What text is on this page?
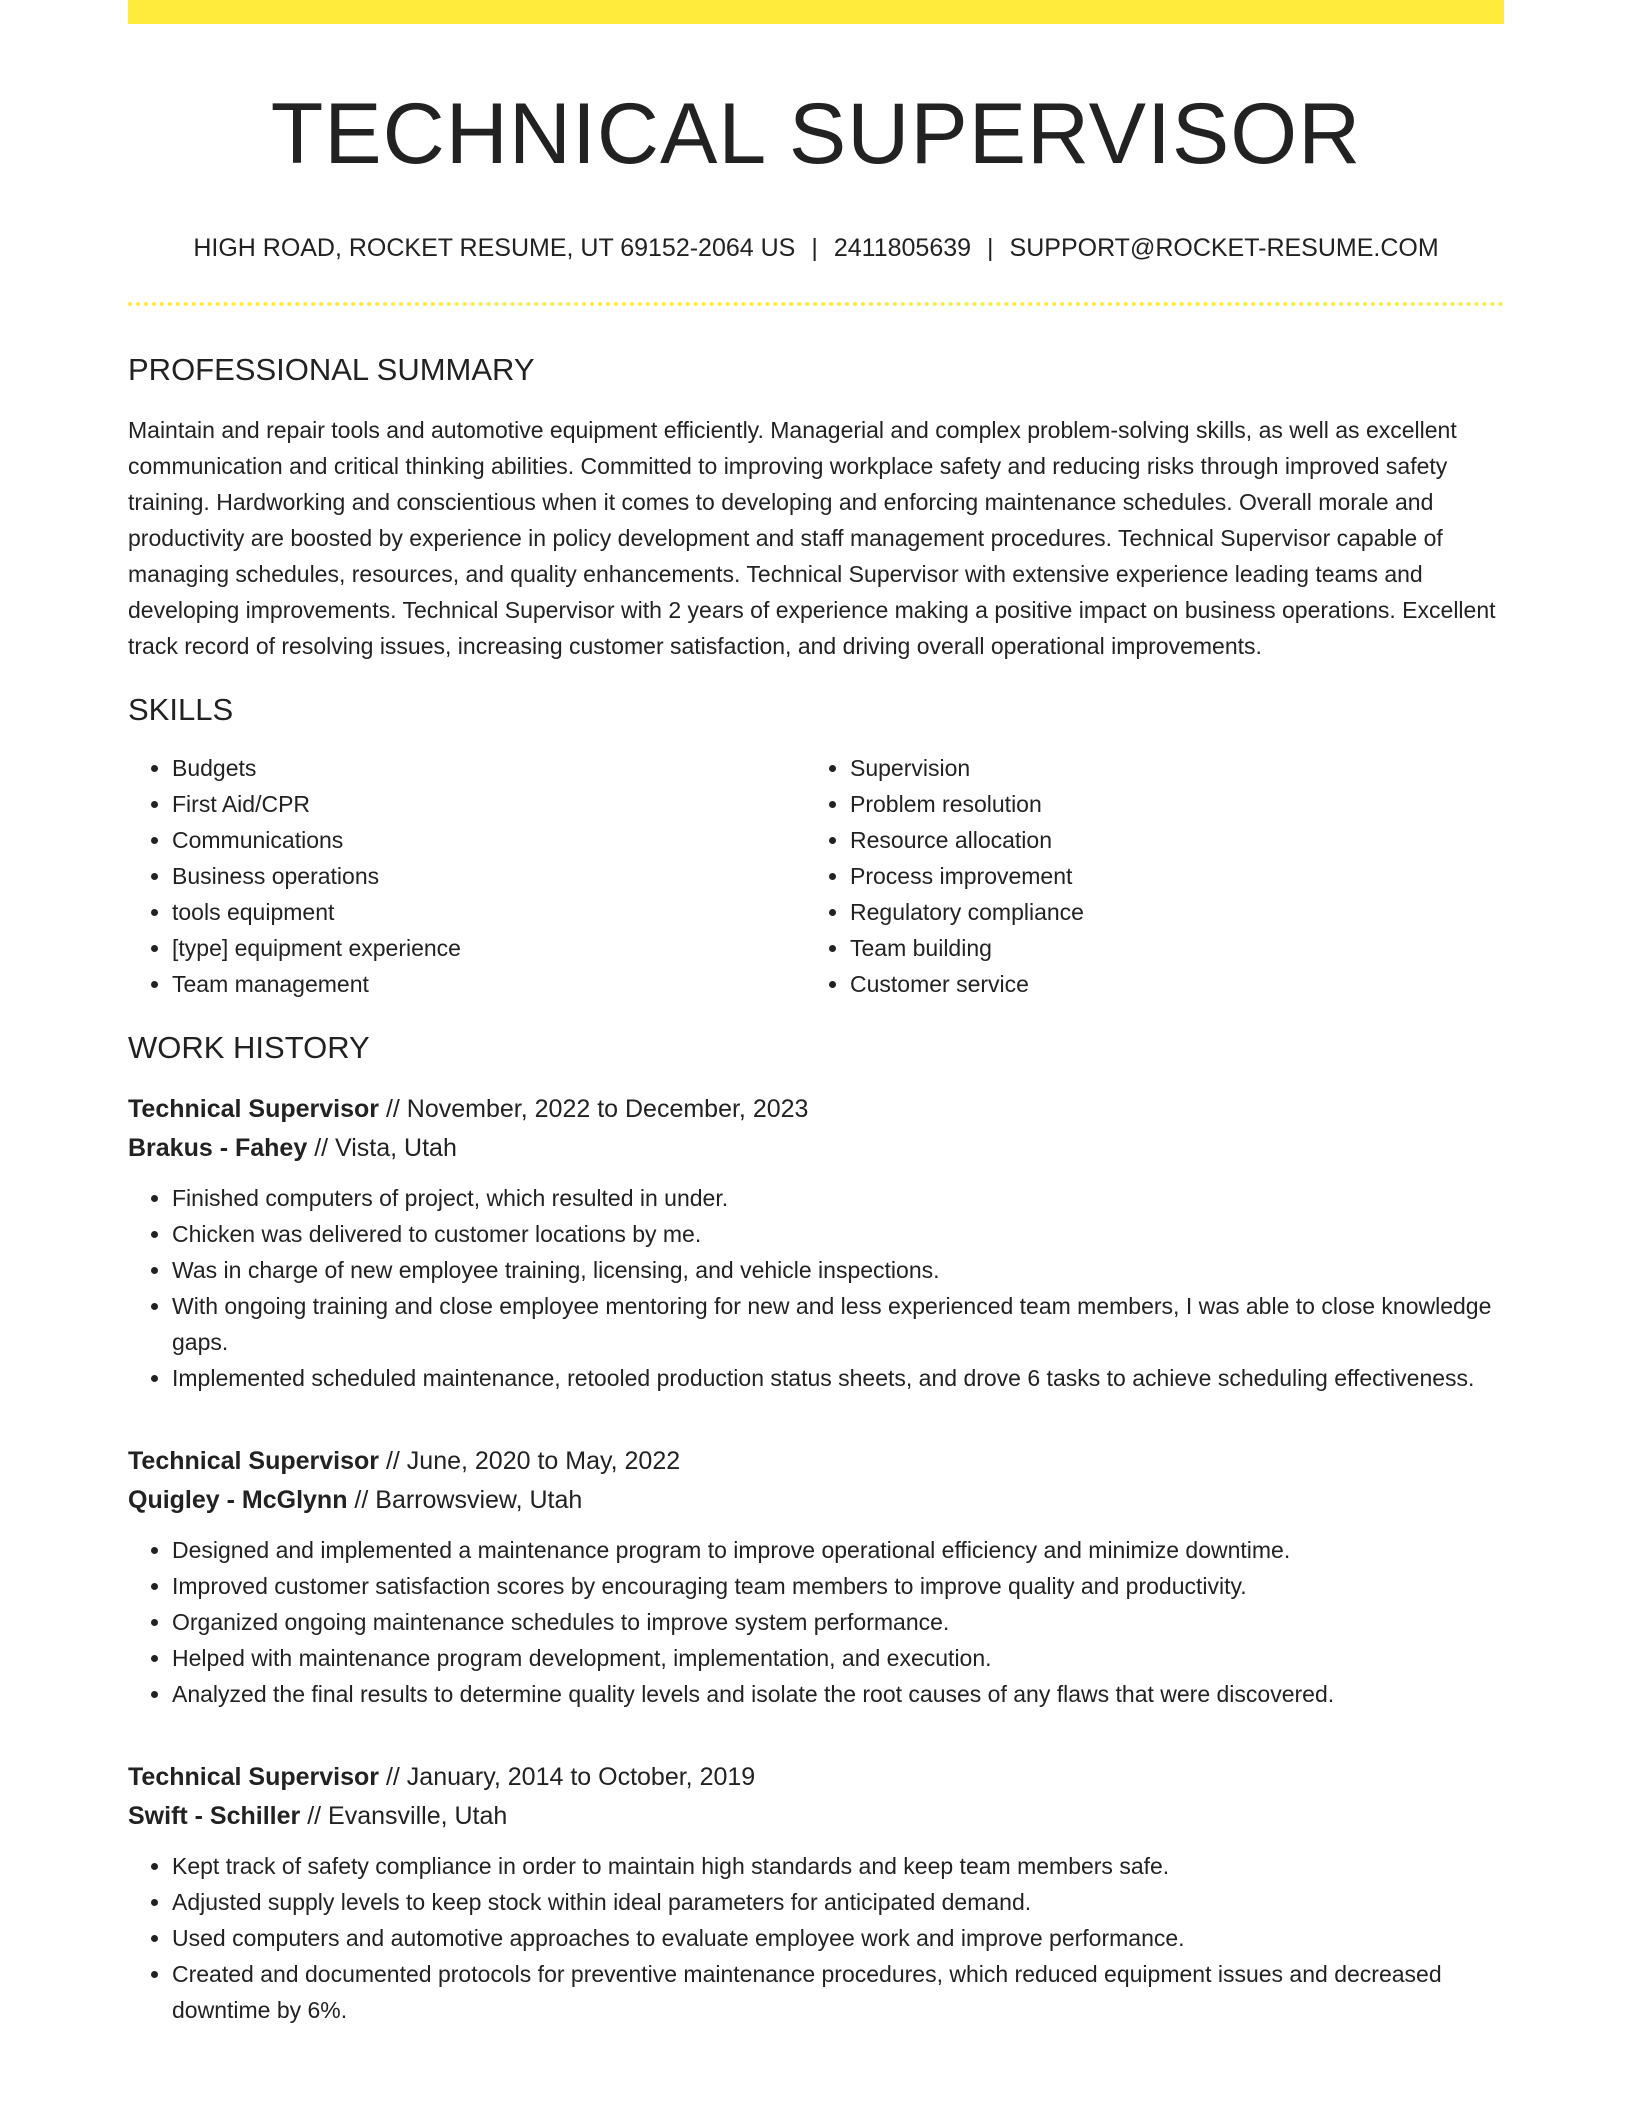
TECHNICAL SUPERVISOR
HIGH ROAD, ROCKET RESUME, UT 69152-2064 US | 2411805639 | SUPPORT@ROCKET-RESUME.COM
PROFESSIONAL SUMMARY

Maintain and repair tools and automotive equipment efficiently. Managerial and complex problem-solving skills, as well as excellent communication and critical thinking abilities. Committed to improving workplace safety and reducing risks through improved safety training. Hardworking and conscientious when it comes to developing and enforcing maintenance schedules. Overall morale and productivity are boosted by experience in policy development and staff management procedures. Technical Supervisor capable of managing schedules, resources, and quality enhancements. Technical Supervisor with extensive experience leading teams and developing improvements. Technical Supervisor with 2 years of experience making a positive impact on business operations. Excellent track record of resolving issues, increasing customer satisfaction, and driving overall operational improvements.

SKILLS
• Budgets
• First Aid/CPR
• Communications
• Business operations
• tools equipment
• [type] equipment experience
• Team management
• Supervision
• Problem resolution
• Resource allocation
• Process improvement
• Regulatory compliance
• Team building
• Customer service
WORK HISTORY
Technical Supervisor // November, 2022 to December, 2023
Brakus - Fahey // Vista, Utah
• Finished computers of project, which resulted in under.
• Chicken was delivered to customer locations by me.
• Was in charge of new employee training, licensing, and vehicle inspections.
• With ongoing training and close employee mentoring for new and less experienced team members, I was able to close knowledge gaps.
• Implemented scheduled maintenance, retooled production status sheets, and drove 6 tasks to achieve scheduling effectiveness.
Technical Supervisor // June, 2020 to May, 2022
Quigley - McGlynn // Barrowsview, Utah
• Designed and implemented a maintenance program to improve operational efficiency and minimize downtime.
• Improved customer satisfaction scores by encouraging team members to improve quality and productivity.
• Organized ongoing maintenance schedules to improve system performance.
• Helped with maintenance program development, implementation, and execution.
• Analyzed the final results to determine quality levels and isolate the root causes of any flaws that were discovered.
Technical Supervisor // January, 2014 to October, 2019
Swift - Schiller // Evansville, Utah
• Kept track of safety compliance in order to maintain high standards and keep team members safe.
• Adjusted supply levels to keep stock within ideal parameters for anticipated demand.
• Used computers and automotive approaches to evaluate employee work and improve performance.
• Created and documented protocols for preventive maintenance procedures, which reduced equipment issues and decreased downtime by 6%.
